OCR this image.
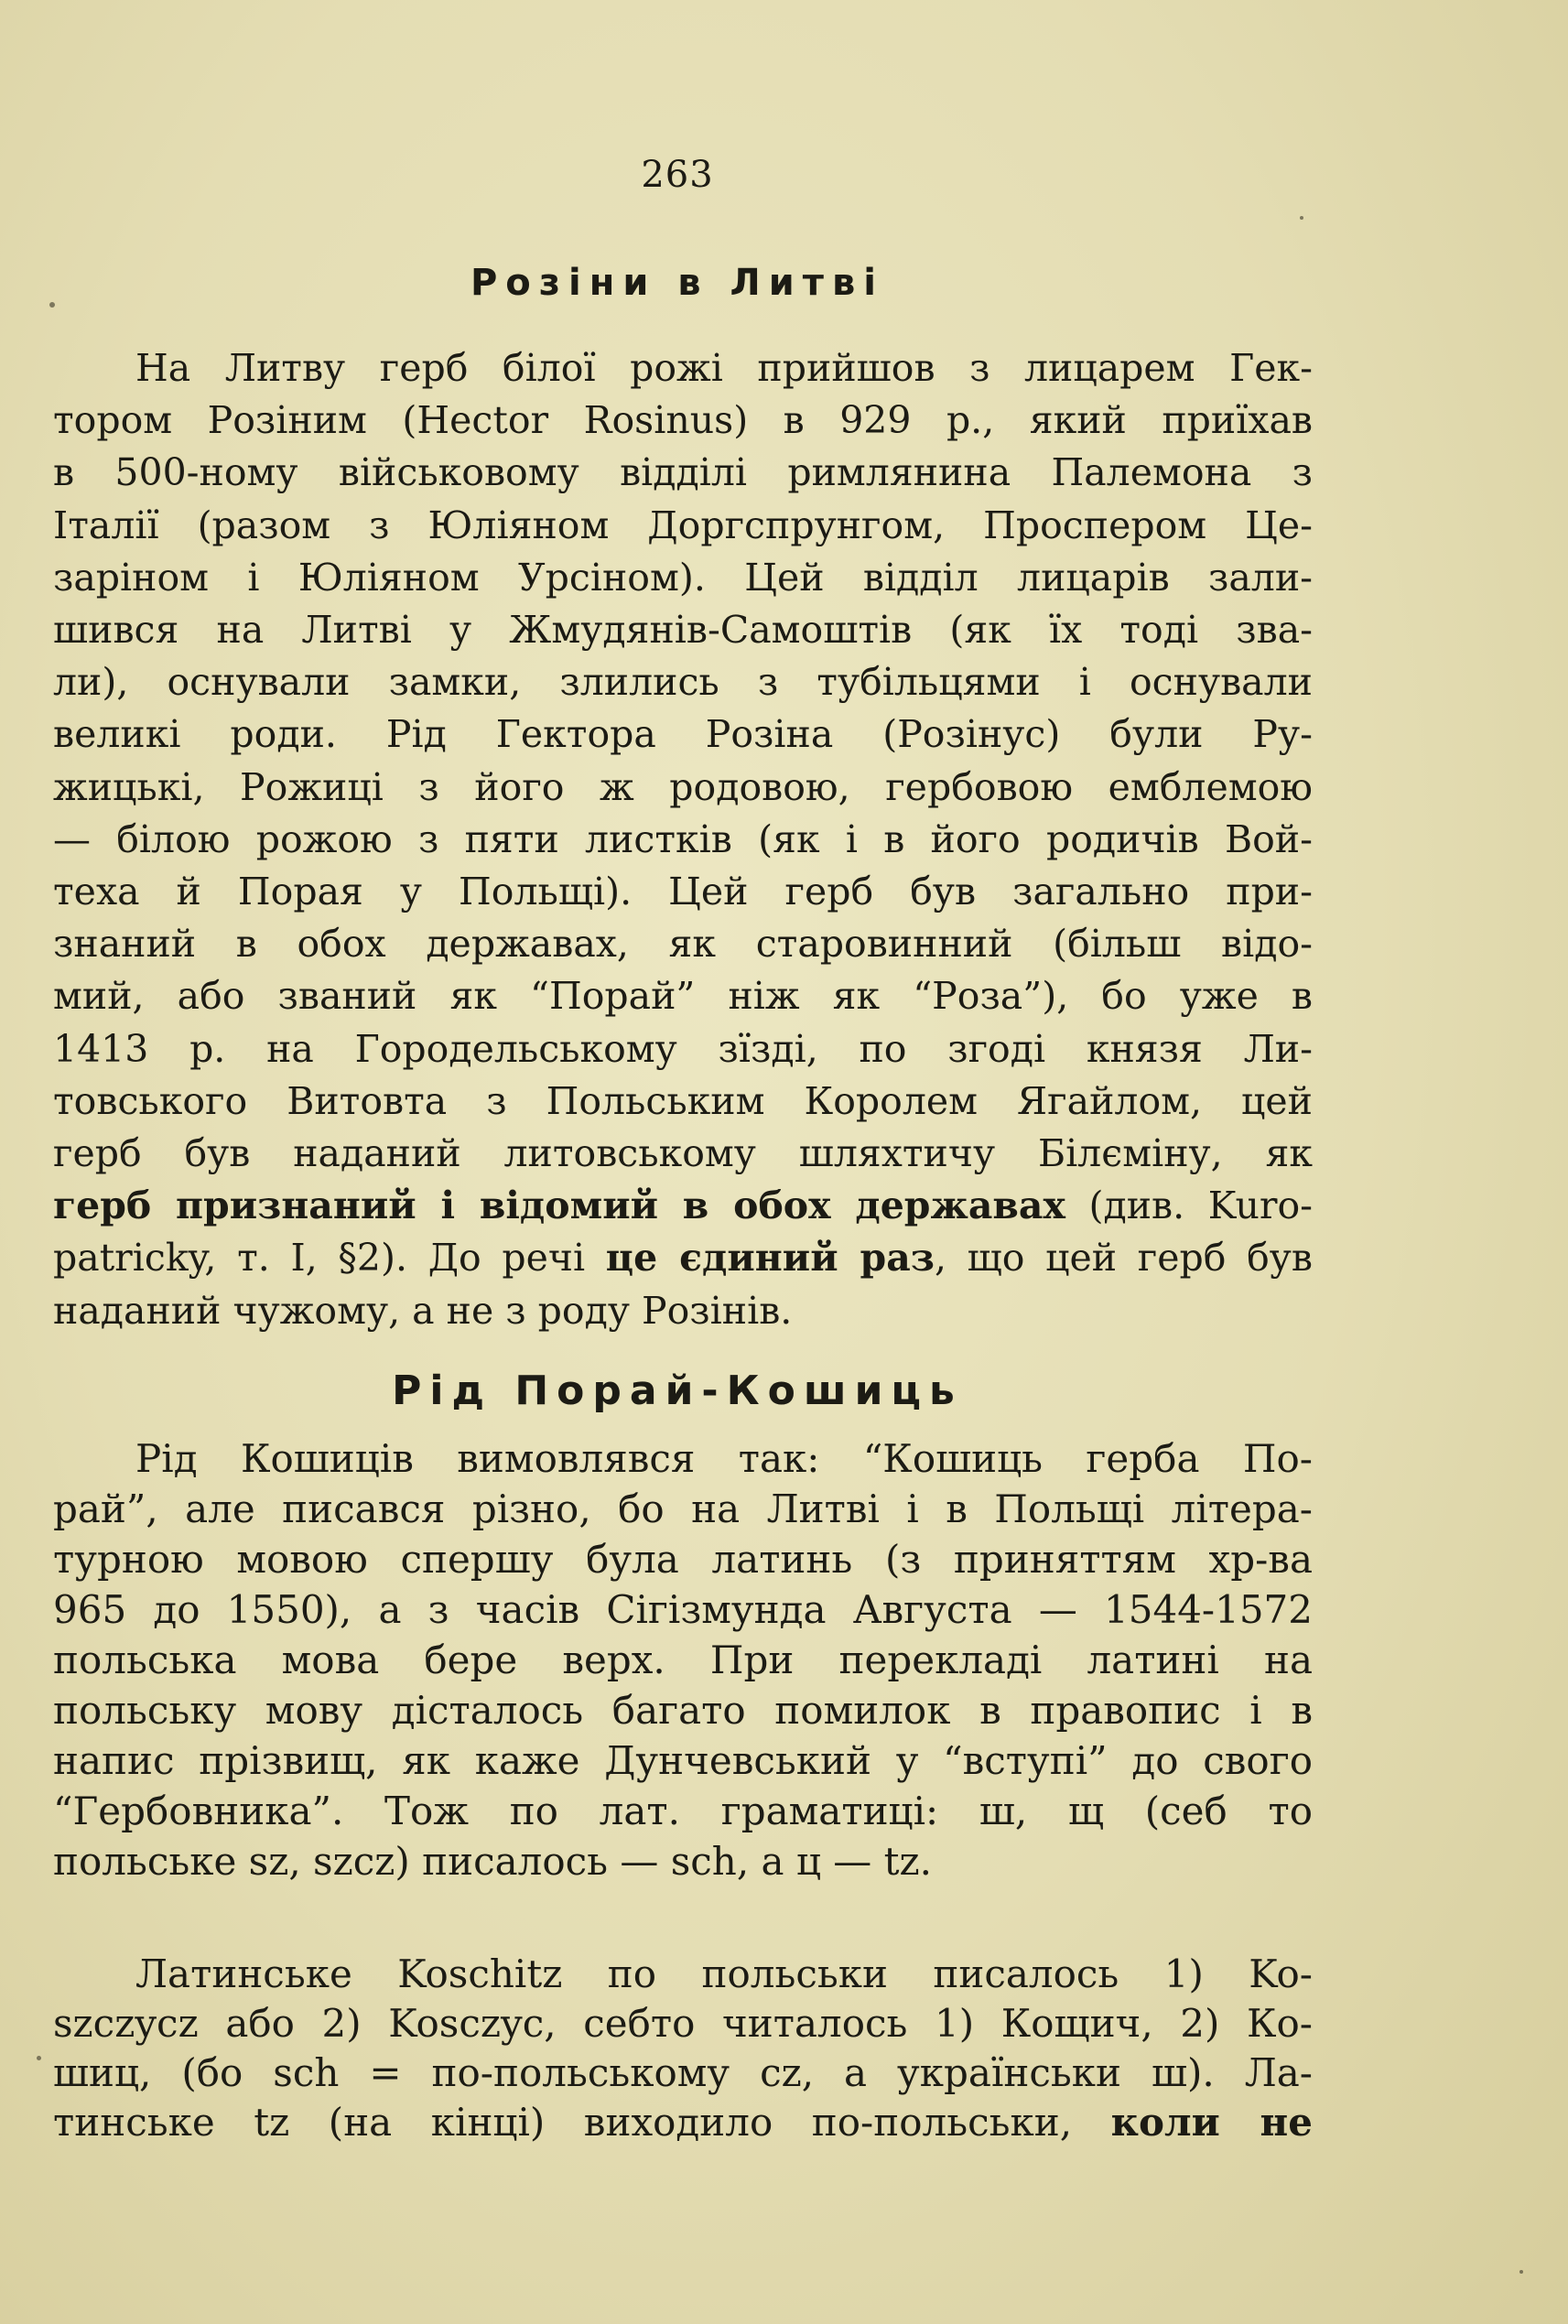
263
Розіни в Литві
На Литву герб білої рожі прийшов з лицарем Гек-
тором Розіним (Hector Rosinus) в 929 р., який приїхав
в 500-ному військовому відділі римлянина Палемона з
Італії (разом з Юліяном Доргспрунгом, Проспером Це-
заріном і Юліяном Урсіном). Цей відділ лицарів зали-
шився на Литві у Жмудянів-Самоштів (як їх тоді зва-
ли), оснували замки, злились з тубільцями і оснували
великі роди. Рід Гектора Розіна (Розінус) були Ру-
жицькі, Рожиці з його ж родовою, гербовою емблемою
— білою рожою з пяти листків (як і в його родичів Вой-
техa й Порая у Польщі). Цей герб був загально при-
знаний в обох державах, як старовинний (більш відо-
мий, або званий як “Порай” ніж як “Роза”), бо уже в
1413 р. на Городельському зїзді, по згоді князя Ли-
товського Витовта з Польським Королем Ягайлом, цей
герб був наданий литовському шляхтичу Білєміну, як
герб признаний і відомий в обох державах (див. Kurо-
patricky, т. I, §2). До речі це єдиний раз, що цей герб був
наданий чужому, а не з роду Розінів.
Рід Порай-Кошиць
Рід Кошиців вимовлявся так: “Кошиць герба По-
рай”, але писався різно, бо на Литві і в Польщі літера-
турною мовою спершу була латинь (з приняттям хр-ва
965 до 1550), а з часів Сігізмунда Августа — 1544-1572
польська мова бере верх. При перекладі латині на
польську мову дісталось багато помилок в правопис і в
напис прізвищ, як каже Дунчевський у “вступі” до свого
“Гербовника”. Тож по лат. граматиці: ш, щ (себ то
польське sz, szcz) писалось — sch, а ц — tz.
Латинське Koschitz по польськи писалось 1) Ko-
szczycz або 2) Kosczyc, себто читалось 1) Кощич, 2) Ко-
шиц, (бо sch = по-польському cz, а українськи ш). Ла-
тинське tz (на кінці) виходило по-польськи, коли не
